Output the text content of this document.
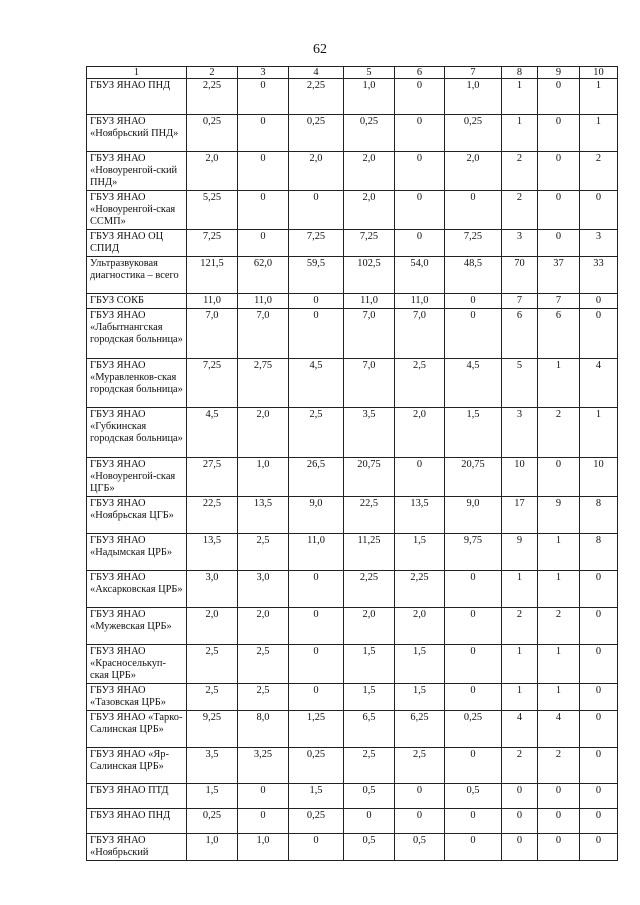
62
1	2	3	4	5	6	7	8	9	10
ГБУЗ ЯНАО ПНД	2,25	0	2,25	1,0	0	1,0	1	0	1
ГБУЗ ЯНАО «Ноябрьский ПНД»	0,25	0	0,25	0,25	0	0,25	1	0	1
ГБУЗ ЯНАО «Новоуренгой-ский ПНД»	2,0	0	2,0	2,0	0	2,0	2	0	2
ГБУЗ ЯНАО «Новоуренгой-ская ССМП»	5,25	0	0	2,0	0	0	2	0	0
ГБУЗ ЯНАО ОЦ СПИД	7,25	0	7,25	7,25	0	7,25	3	0	3
Ультразвуковая диагностика – всего	121,5	62,0	59,5	102,5	54,0	48,5	70	37	33
ГБУЗ СОКБ	11,0	11,0	0	11,0	11,0	0	7	7	0
ГБУЗ ЯНАО «Лабытнангская городская больница»	7,0	7,0	0	7,0	7,0	0	6	6	0
ГБУЗ ЯНАО «Муравленков-ская городская больница»	7,25	2,75	4,5	7,0	2,5	4,5	5	1	4
ГБУЗ ЯНАО «Губкинская городская больница»	4,5	2,0	2,5	3,5	2,0	1,5	3	2	1
ГБУЗ ЯНАО «Новоуренгой-ская ЦГБ»	27,5	1,0	26,5	20,75	0	20,75	10	0	10
ГБУЗ ЯНАО «Ноябрьская ЦГБ»	22,5	13,5	9,0	22,5	13,5	9,0	17	9	8
ГБУЗ ЯНАО «Надымская ЦРБ»	13,5	2,5	11,0	11,25	1,5	9,75	9	1	8
ГБУЗ ЯНАО «Аксарковская ЦРБ»	3,0	3,0	0	2,25	2,25	0	1	1	0
ГБУЗ ЯНАО «Мужевская ЦРБ»	2,0	2,0	0	2,0	2,0	0	2	2	0
ГБУЗ ЯНАО «Красноселькуп-ская ЦРБ»	2,5	2,5	0	1,5	1,5	0	1	1	0
ГБУЗ ЯНАО «Тазовская ЦРБ»	2,5	2,5	0	1,5	1,5	0	1	1	0
ГБУЗ ЯНАО «Тарко-Салинская ЦРБ»	9,25	8,0	1,25	6,5	6,25	0,25	4	4	0
ГБУЗ ЯНАО «Яр-Салинская ЦРБ»	3,5	3,25	0,25	2,5	2,5	0	2	2	0
ГБУЗ ЯНАО ПТД	1,5	0	1,5	0,5	0	0,5	0	0	0
ГБУЗ ЯНАО ПНД	0,25	0	0,25	0	0	0	0	0	0
ГБУЗ ЯНАО «Ноябрьский	1,0	1,0	0	0,5	0,5	0	0	0	0
